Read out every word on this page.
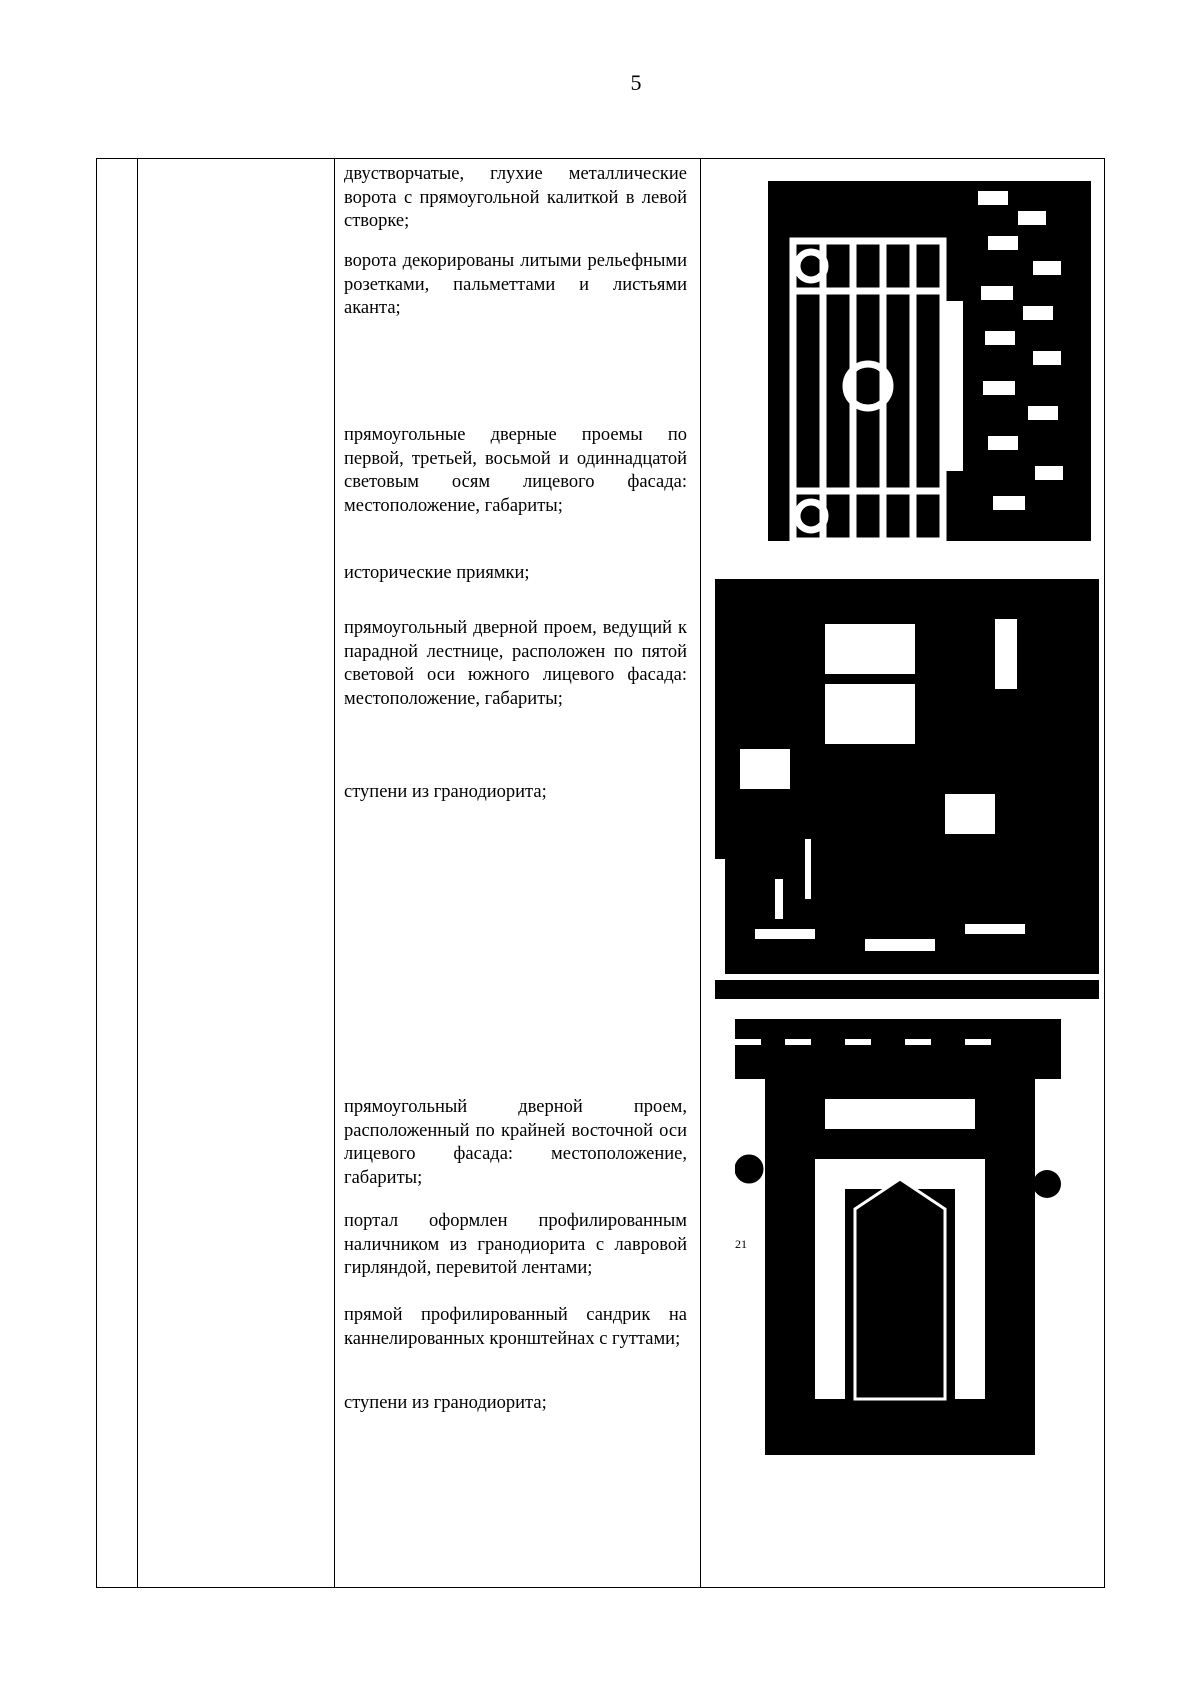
5

двустворчатые, глухие металлические ворота с прямоугольной калиткой в левой створке;
ворота декорированы литыми рельефными розетками, пальметтами и листьями аканта;
прямоугольные дверные проемы по первой, третьей, восьмой и одиннадцатой световым осям лицевого фасада: местоположение, габариты;
исторические приямки;
прямоугольный дверной проем, ведущий к парадной лестнице, расположен по пятой световой оси южного лицевого фасада: местоположение, габариты;
ступени из гранодиорита;
прямоугольный дверной проем, расположенный по крайней восточной оси лицевого фасада: местоположение, габариты;
портал оформлен профилированным наличником из гранодиорита с лавровой гирляндой, перевитой лентами;
прямой профилированный сандрик на каннелированных кронштейнах с гуттами;
ступени из гранодиорита;

21
